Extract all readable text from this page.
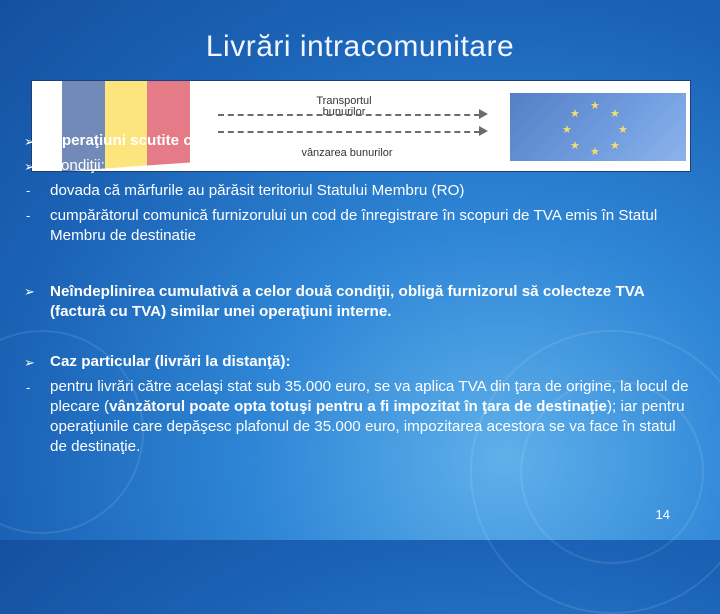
Livrări intracomunitare
★
★
★
★
★
★
★
★
Transportul
bunurilor
vânzarea bunurilor
➢ Operaţiuni scutite cu drept de deducere
➢ Condiţii:
-	dovada că mărfurile au părăsit teritoriul Statului Membru (RO)
-	cumpărătorul comunică furnizorului un cod de înregistrare în scopuri de TVA emis în Statul Membru de destinatie
➢ Neîndeplinirea cumulativă a celor două condiţii, obligă furnizorul să colecteze TVA (factură cu TVA) similar unei operaţiuni interne.
➢ Caz particular (livrări la distanţă):
-	pentru livrări către acelaşi stat sub 35.000 euro, se va aplica TVA din ţara de origine, la locul de plecare (vânzătorul poate opta totuşi pentru a fi impozitat în ţara de destinaţie); iar pentru operaţiunile care depăşesc plafonul de 35.000 euro, impozitarea acestora se va face în statul de destinaţie.
14
